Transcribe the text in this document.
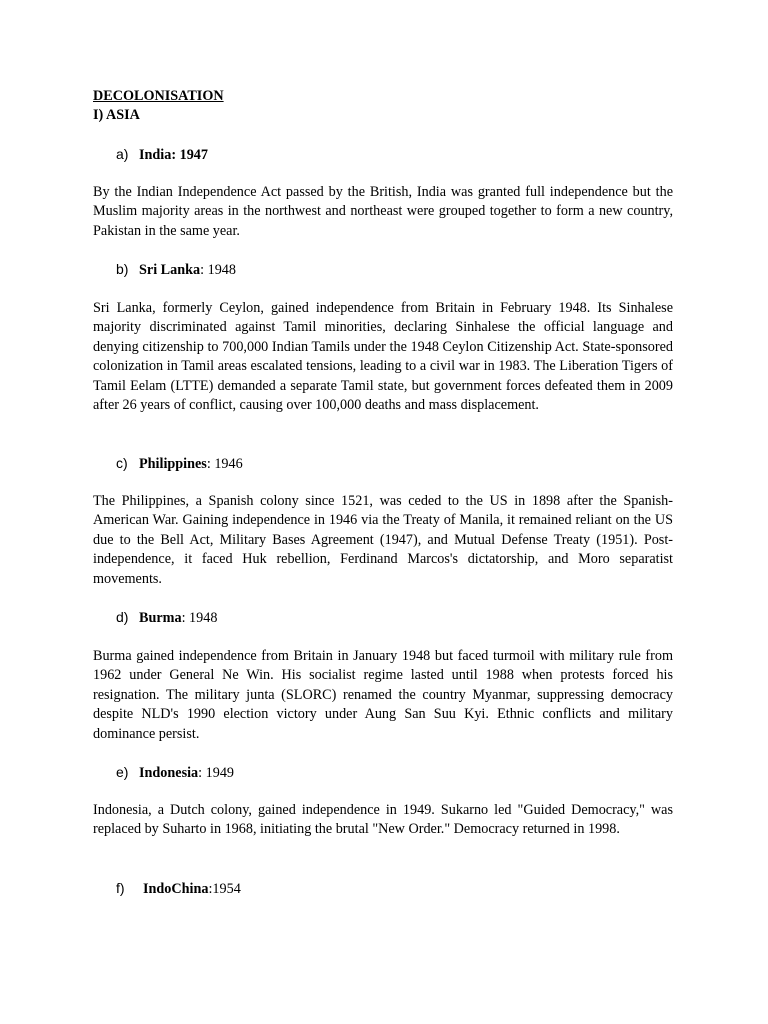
DECOLONISATION
I) ASIA
a) India: 1947

By the Indian Independence Act passed by the British, India was granted full independence but the Muslim majority areas in the northwest and northeast were grouped together to form a new country, Pakistan in the same year.

b) Sri Lanka: 1948

Sri Lanka, formerly Ceylon, gained independence from Britain in February 1948. Its Sinhalese majority discriminated against Tamil minorities, declaring Sinhalese the official language and denying citizenship to 700,000 Indian Tamils under the 1948 Ceylon Citizenship Act. State-sponsored colonization in Tamil areas escalated tensions, leading to a civil war in 1983. The Liberation Tigers of Tamil Eelam (LTTE) demanded a separate Tamil state, but government forces defeated them in 2009 after 26 years of conflict, causing over 100,000 deaths and mass displacement.

c) Philippines: 1946

The Philippines, a Spanish colony since 1521, was ceded to the US in 1898 after the Spanish-American War. Gaining independence in 1946 via the Treaty of Manila, it remained reliant on the US due to the Bell Act, Military Bases Agreement (1947), and Mutual Defense Treaty (1951). Post-independence, it faced Huk rebellion, Ferdinand Marcos's dictatorship, and Moro separatist movements.

d) Burma: 1948

Burma gained independence from Britain in January 1948 but faced turmoil with military rule from 1962 under General Ne Win. His socialist regime lasted until 1988 when protests forced his resignation. The military junta (SLORC) renamed the country Myanmar, suppressing democracy despite NLD's 1990 election victory under Aung San Suu Kyi. Ethnic conflicts and military dominance persist.

e) Indonesia: 1949

Indonesia, a Dutch colony, gained independence in 1949. Sukarno led "Guided Democracy," was replaced by Suharto in 1968, initiating the brutal "New Order." Democracy returned in 1998.

f) IndoChina:1954
